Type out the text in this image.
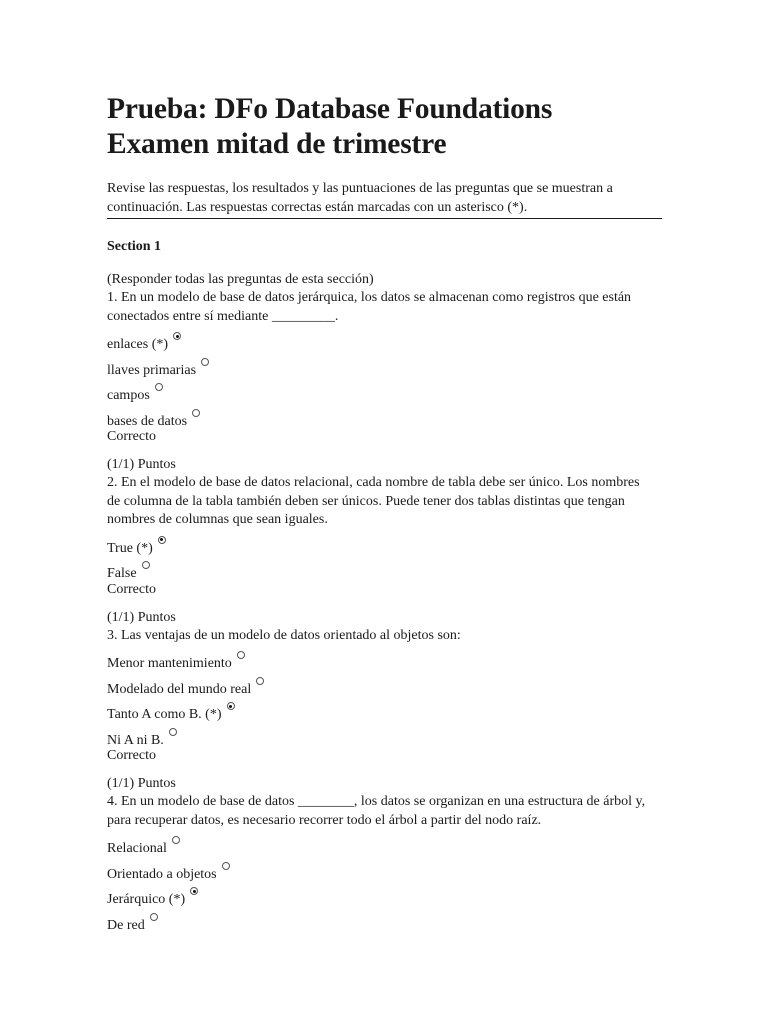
Prueba: DFo Database Foundations
Examen mitad de trimestre
Revise las respuestas, los resultados y las puntuaciones de las preguntas que se muestran a continuación. Las respuestas correctas están marcadas con un asterisco (*).
Section 1
(Responder todas las preguntas de esta sección)
1. En un modelo de base de datos jerárquica, los datos se almacenan como registros que están conectados entre sí mediante _________.
enlaces (*)
llaves primarias
campos
bases de datos
Correcto
(1/1) Puntos
2. En el modelo de base de datos relacional, cada nombre de tabla debe ser único. Los nombres de columna de la tabla también deben ser únicos. Puede tener dos tablas distintas que tengan nombres de columnas que sean iguales.
True (*)
False
Correcto
(1/1) Puntos
3. Las ventajas de un modelo de datos orientado al objetos son:
Menor mantenimiento
Modelado del mundo real
Tanto A como B. (*)
Ni A ni B.
Correcto
(1/1) Puntos
4. En un modelo de base de datos ________, los datos se organizan en una estructura de árbol y, para recuperar datos, es necesario recorrer todo el árbol a partir del nodo raíz.
Relacional
Orientado a objetos
Jerárquico (*)
De red
